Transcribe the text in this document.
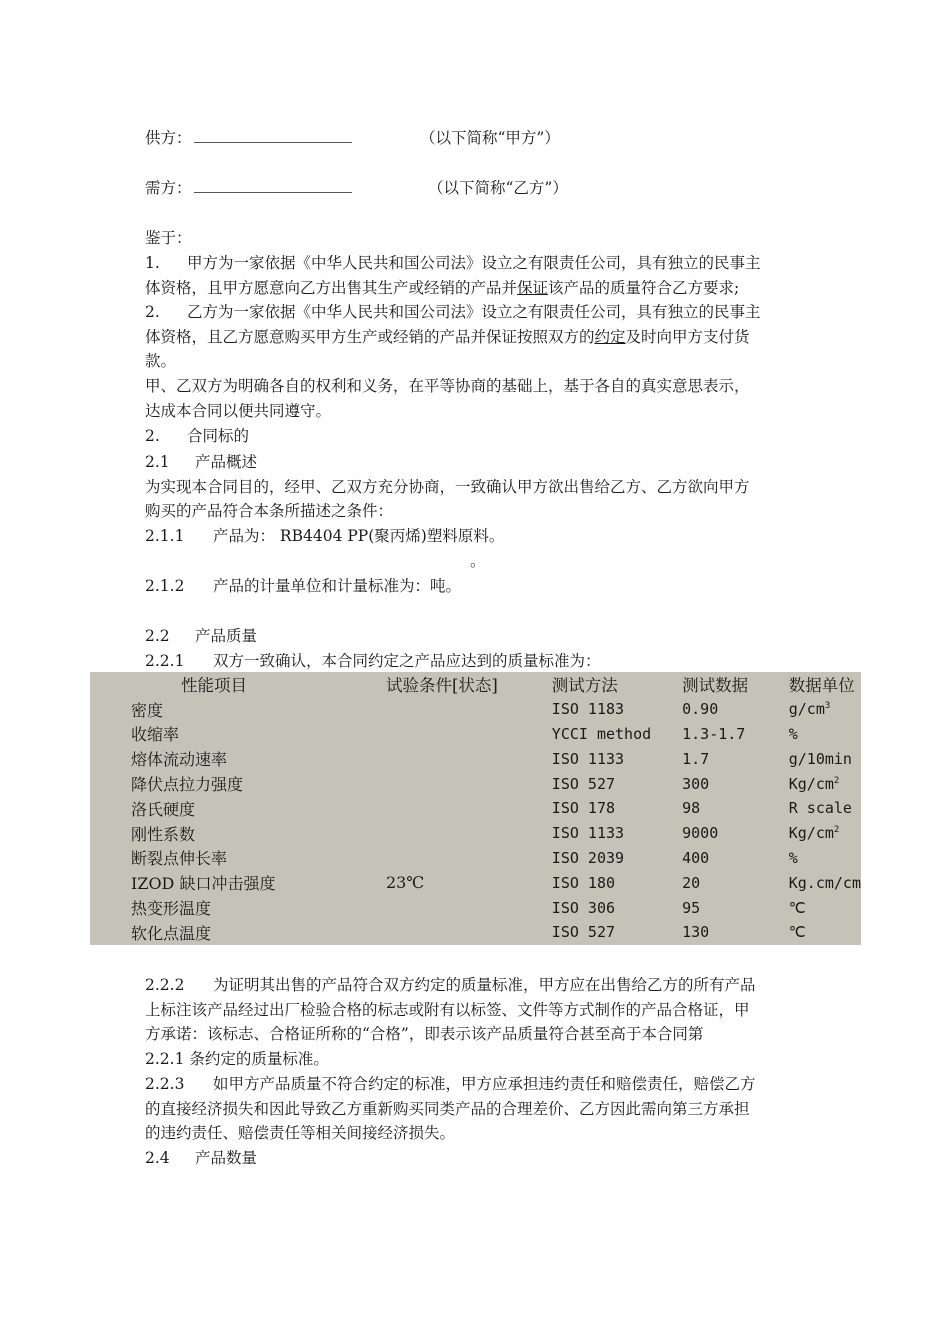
供方：	（以下简称“甲方”）
需方：	（以下简称“乙方”）
鉴于：
1. 甲方为一家依据《中华人民共和国公司法》设立之有限责任公司，具有独立的民事主
体资格，且甲方愿意向乙方出售其生产或经销的产品并保证该产品的质量符合乙方要求;
2. 乙方为一家依据《中华人民共和国公司法》设立之有限责任公司，具有独立的民事主
体资格，且乙方愿意购买甲方生产或经销的产品并保证按照双方的约定及时向甲方支付货
款。
甲、乙双方为明确各自的权利和义务，在平等协商的基础上，基于各自的真实意思表示，
达成本合同以便共同遵守。
2. 合同标的
2.1 产品概述
为实现本合同目的，经甲、乙双方充分协商，一致确认甲方欲出售给乙方、乙方欲向甲方
购买的产品符合本条所描述之条件：
2.1.1 产品为： RB4404 PP(聚丙烯)塑料原料。
。
2.1.2 产品的计量单位和计量标准为：吨。
2.2 产品质量
2.2.1 双方一致确认，本合同约定之产品应达到的质量标准为：
性能项目	试验条件[状态]	测试方法	测试数据	数据单位
密度		ISO 1183	0.90	$g/cm^3$
收缩率		YCCI method	1.3-1.7	%
熔体流动速率		ISO 1133	1.7	g/10min
降伏点拉力强度		ISO 527	300	$Kg/cm^2$
洛氏硬度		ISO 178	98	R scale
刚性系数		ISO 1133	9000	$Kg/cm^2$
断裂点伸长率		ISO 2039	400	%
IZOD 缺口冲击强度	23℃	ISO 180	20	Kg.cm/cm
热变形温度		ISO 306	95	℃
软化点温度		ISO 527	130	℃
2.2.2 为证明其出售的产品符合双方约定的质量标准，甲方应在出售给乙方的所有产品
上标注该产品经过出厂检验合格的标志或附有以标签、文件等方式制作的产品合格证，甲
方承诺：该标志、合格证所称的“合格”，即表示该产品质量符合甚至高于本合同第
2.2.1 条约定的质量标准。
2.2.3 如甲方产品质量不符合约定的标准，甲方应承担违约责任和赔偿责任，赔偿乙方
的直接经济损失和因此导致乙方重新购买同类产品的合理差价、乙方因此需向第三方承担
的违约责任、赔偿责任等相关间接经济损失。
2.4 产品数量
